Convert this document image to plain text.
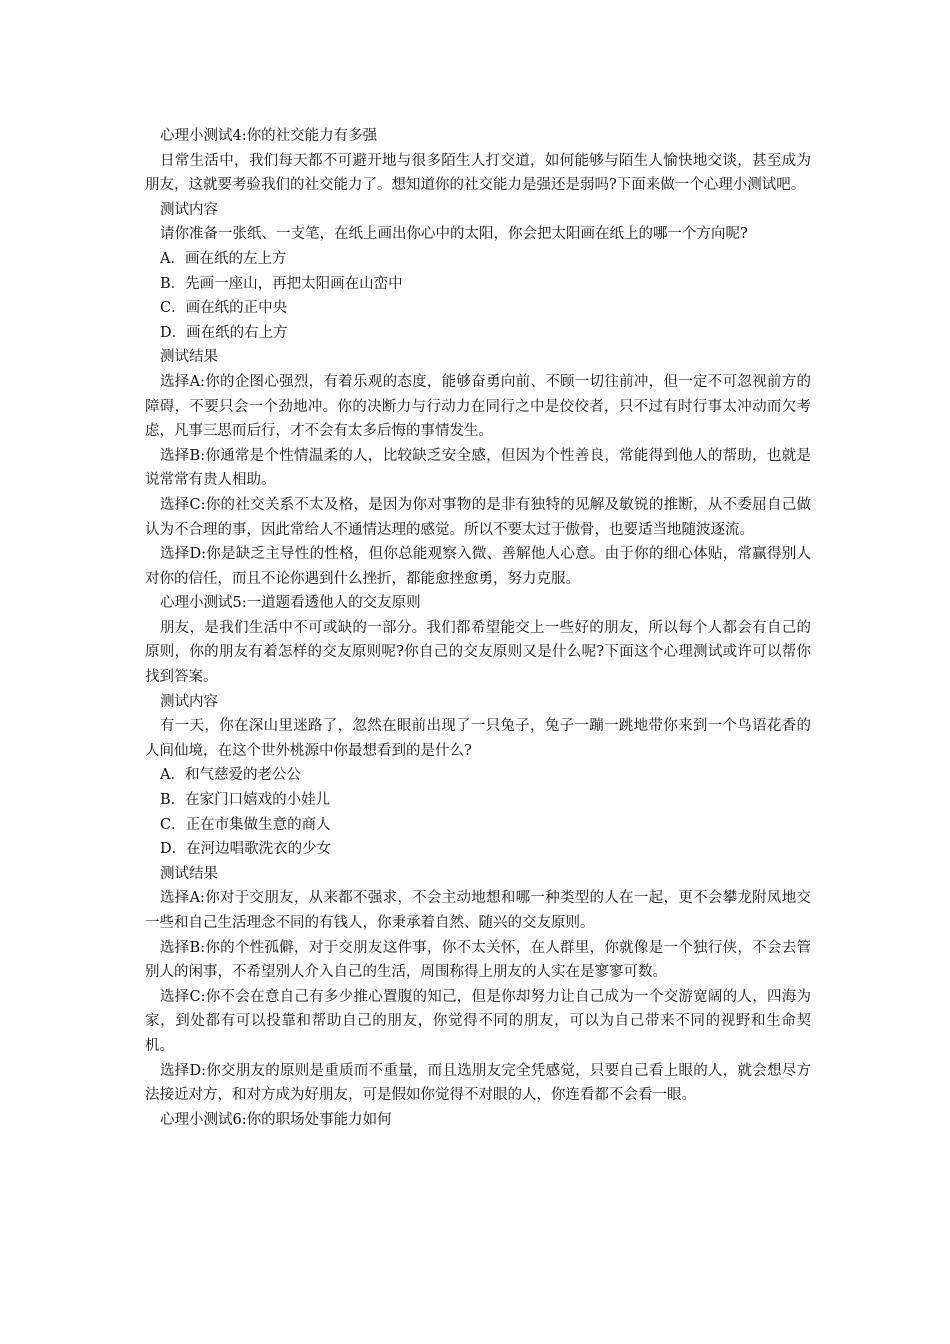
心理小测试4:你的社交能力有多强

日常生活中，我们每天都不可避开地与很多陌生人打交道，如何能够与陌生人愉快地交谈，甚至成为朋友，这就要考验我们的社交能力了。想知道你的社交能力是强还是弱吗?下面来做一个心理小测试吧。

测试内容

请你准备一张纸、一支笔，在纸上画出你心中的太阳，你会把太阳画在纸上的哪一个方向呢?

A．画在纸的左上方

B．先画一座山，再把太阳画在山峦中

C．画在纸的正中央

D．画在纸的右上方

测试结果

选择A:你的企图心强烈，有着乐观的态度，能够奋勇向前、不顾一切往前冲，但一定不可忽视前方的障碍，不要只会一个劲地冲。你的决断力与行动力在同行之中是佼佼者，只不过有时行事太冲动而欠考虑，凡事三思而后行，才不会有太多后悔的事情发生。

选择B:你通常是个性情温柔的人，比较缺乏安全感，但因为个性善良，常能得到他人的帮助，也就是说常常有贵人相助。

选择C:你的社交关系不太及格，是因为你对事物的是非有独特的见解及敏锐的推断，从不委屈自己做认为不合理的事，因此常给人不通情达理的感觉。所以不要太过于傲骨，也要适当地随波逐流。

选择D:你是缺乏主导性的性格，但你总能观察入微、善解他人心意。由于你的细心体贴，常赢得别人对你的信任，而且不论你遇到什么挫折，都能愈挫愈勇，努力克服。

心理小测试5:一道题看透他人的交友原则

朋友，是我们生活中不可或缺的一部分。我们都希望能交上一些好的朋友，所以每个人都会有自己的原则，你的朋友有着怎样的交友原则呢?你自己的交友原则又是什么呢?下面这个心理测试或许可以帮你找到答案。

测试内容

有一天，你在深山里迷路了，忽然在眼前出现了一只兔子，兔子一蹦一跳地带你来到一个鸟语花香的人间仙境，在这个世外桃源中你最想看到的是什么?

A．和气慈爱的老公公

B．在家门口嬉戏的小娃儿

C．正在市集做生意的商人

D．在河边唱歌洗衣的少女

测试结果

选择A:你对于交朋友，从来都不强求，不会主动地想和哪一种类型的人在一起，更不会攀龙附凤地交一些和自己生活理念不同的有钱人，你秉承着自然、随兴的交友原则。

选择B:你的个性孤僻，对于交朋友这件事，你不太关怀，在人群里，你就像是一个独行侠，不会去管别人的闲事，不希望别人介入自己的生活，周围称得上朋友的人实在是寥寥可数。

选择C:你不会在意自己有多少推心置腹的知己，但是你却努力让自己成为一个交游宽阔的人，四海为家，到处都有可以投靠和帮助自己的朋友，你觉得不同的朋友，可以为自己带来不同的视野和生命契机。

选择D:你交朋友的原则是重质而不重量，而且选朋友完全凭感觉，只要自己看上眼的人，就会想尽方法接近对方，和对方成为好朋友，可是假如你觉得不对眼的人，你连看都不会看一眼。

心理小测试6:你的职场处事能力如何
